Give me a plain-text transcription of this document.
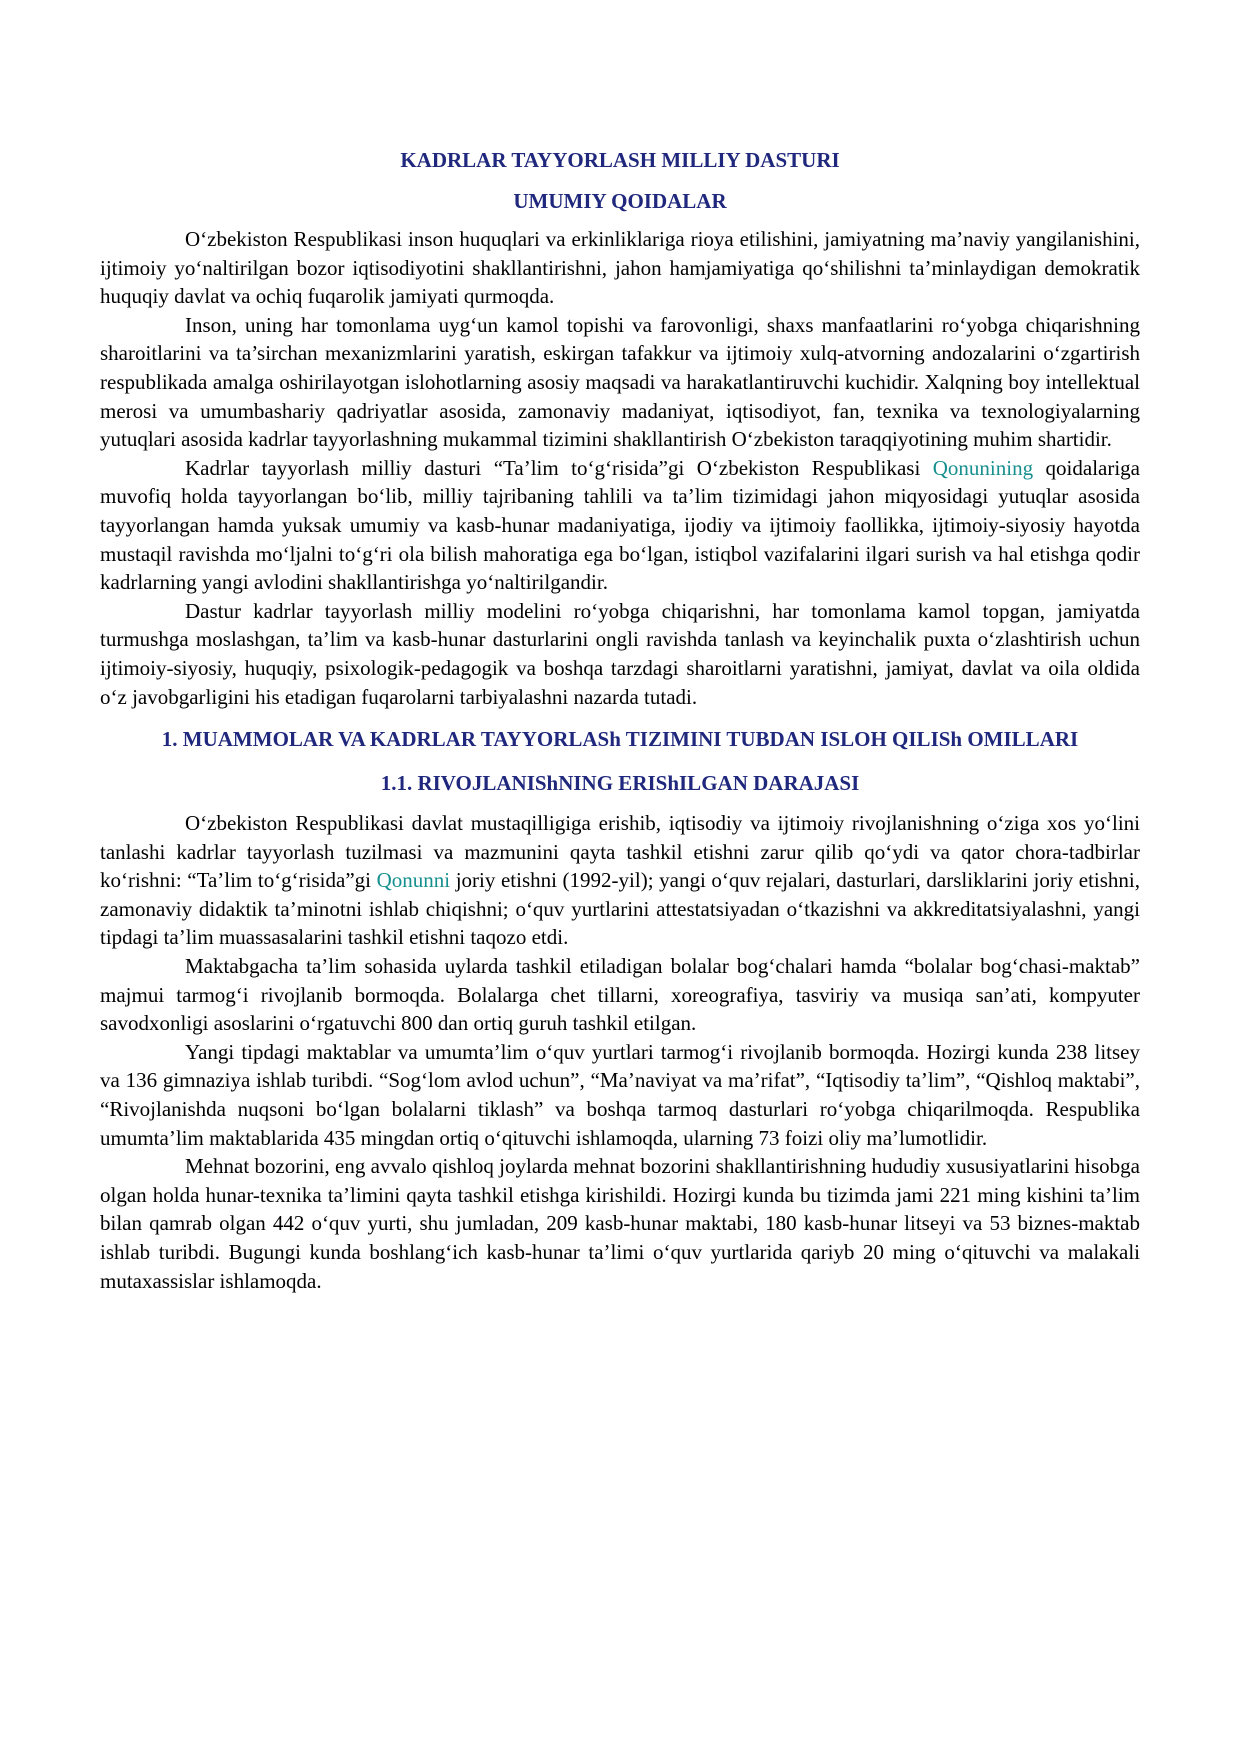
KADRLAR TAYYORLASH MILLIY DASTURI
UMUMIY QOIDALAR

O‘zbekiston Respublikasi inson huquqlari va erkinliklariga rioya etilishini, jamiyatning ma’naviy yangilanishini, ijtimoiy yo‘naltirilgan bozor iqtisodiyotini shakllantirishni, jahon hamjamiyatiga qo‘shilishni ta’minlaydigan demokratik huquqiy davlat va ochiq fuqarolik jamiyati qurmoqda.

Inson, uning har tomonlama uyg‘un kamol topishi va farovonligi, shaxs manfaatlarini ro‘yobga chiqarishning sharoitlarini va ta’sirchan mexanizmlarini yaratish, eskirgan tafakkur va ijtimoiy xulq-atvorning andozalarini o‘zgartirish respublikada amalga oshirilayotgan islohotlarning asosiy maqsadi va harakatlantiruvchi kuchidir. Xalqning boy intellektual merosi va umumbashariy qadriyatlar asosida, zamonaviy madaniyat, iqtisodiyot, fan, texnika va texnologiyalarning yutuqlari asosida kadrlar tayyorlashning mukammal tizimini shakllantirish O‘zbekiston taraqqiyotining muhim shartidir.

Kadrlar tayyorlash milliy dasturi “Ta’lim to‘g‘risida”gi O‘zbekiston Respublikasi Qonunining qoidalariga muvofiq holda tayyorlangan bo‘lib, milliy tajribaning tahlili va ta’lim tizimidagi jahon miqyosidagi yutuqlar asosida tayyorlangan hamda yuksak umumiy va kasb-hunar madaniyatiga, ijodiy va ijtimoiy faollikka, ijtimoiy-siyosiy hayotda mustaqil ravishda mo‘ljalni to‘g‘ri ola bilish mahoratiga ega bo‘lgan, istiqbol vazifalarini ilgari surish va hal etishga qodir kadrlarning yangi avlodini shakllantirishga yo‘naltirilgandir.

Dastur kadrlar tayyorlash milliy modelini ro‘yobga chiqarishni, har tomonlama kamol topgan, jamiyatda turmushga moslashgan, ta’lim va kasb-hunar dasturlarini ongli ravishda tanlash va keyinchalik puxta o‘zlashtirish uchun ijtimoiy-siyosiy, huquqiy, psixologik-pedagogik va boshqa tarzdagi sharoitlarni yaratishni, jamiyat, davlat va oila oldida o‘z javobgarligini his etadigan fuqarolarni tarbiyalashni nazarda tutadi.

1. MUAMMOLAR VA KADRLAR TAYYORLASh TIZIMINI TUBDAN ISLOH QILISh OMILLARI
1.1. RIVOJLANIShNING ERIShILGAN DARAJASI

O‘zbekiston Respublikasi davlat mustaqilligiga erishib, iqtisodiy va ijtimoiy rivojlanishning o‘ziga xos yo‘lini tanlashi kadrlar tayyorlash tuzilmasi va mazmunini qayta tashkil etishni zarur qilib qo‘ydi va qator chora-tadbirlar ko‘rishni: “Ta’lim to‘g‘risida”gi Qonunni joriy etishni (1992-yil); yangi o‘quv rejalari, dasturlari, darsliklarini joriy etishni, zamonaviy didaktik ta’minotni ishlab chiqishni; o‘quv yurtlarini attestatsiyadan o‘tkazishni va akkreditatsiyalashni, yangi tipdagi ta’lim muassasalarini tashkil etishni taqozo etdi.

Maktabgacha ta’lim sohasida uylarda tashkil etiladigan bolalar bog‘chalari hamda “bolalar bog‘chasi-maktab” majmui tarmog‘i rivojlanib bormoqda. Bolalarga chet tillarni, xoreografiya, tasviriy va musiqa san’ati, kompyuter savodxonligi asoslarini o‘rgatuvchi 800 dan ortiq guruh tashkil etilgan.

Yangi tipdagi maktablar va umumta’lim o‘quv yurtlari tarmog‘i rivojlanib bormoqda. Hozirgi kunda 238 litsey va 136 gimnaziya ishlab turibdi. “Sog‘lom avlod uchun”, “Ma’naviyat va ma’rifat”, “Iqtisodiy ta’lim”, “Qishloq maktabi”, “Rivojlanishda nuqsoni bo‘lgan bolalarni tiklash” va boshqa tarmoq dasturlari ro‘yobga chiqarilmoqda. Respublika umumta’lim maktablarida 435 mingdan ortiq o‘qituvchi ishlamoqda, ularning 73 foizi oliy ma’lumotlidir.

Mehnat bozorini, eng avvalo qishloq joylarda mehnat bozorini shakllantirishning hududiy xususiyatlarini hisobga olgan holda hunar-texnika ta’limini qayta tashkil etishga kirishildi. Hozirgi kunda bu tizimda jami 221 ming kishini ta’lim bilan qamrab olgan 442 o‘quv yurti, shu jumladan, 209 kasb-hunar maktabi, 180 kasb-hunar litseyi va 53 biznes-maktab ishlab turibdi. Bugungi kunda boshlang‘ich kasb-hunar ta’limi o‘quv yurtlarida qariyb 20 ming o‘qituvchi va malakali mutaxassislar ishlamoqda.
